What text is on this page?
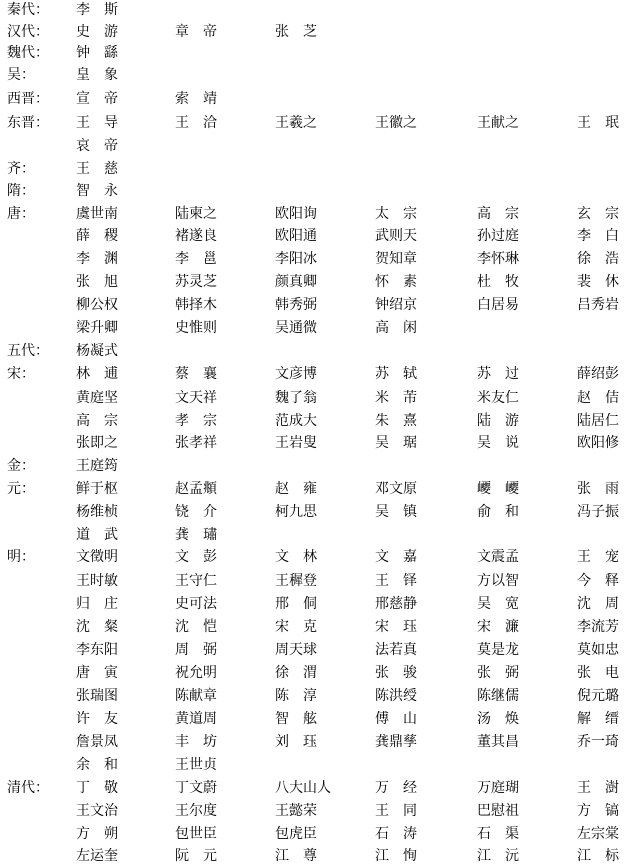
秦代： 李　斯
汉代： 史　游	章　帝	张　芝
魏代： 钟　繇
吴：	皇　象
西晋： 宣　帝	索　靖
东晋： 王　导	王　洽	王羲之	王徽之	王献之	王　珉
哀　帝
齐：	王　慈
隋：	智　永
唐：	虞世南	陆柬之	欧阳询	太　宗	高　宗	玄　宗
薛　稷	褚遂良	欧阳通	武则天	孙过庭	李　白
李　渊	李　邕	李阳冰	贺知章	李怀琳	徐　浩
张　旭	苏灵芝	颜真卿	怀　素	杜　牧	裴　休
柳公权	韩择木	韩秀弼	钟绍京	白居易	吕秀岩
梁升卿	史惟则	吴通微	高　闲
五代： 杨凝式
宋：	林　逋	蔡　襄	文彦博	苏　轼	苏　过	薛绍彭
黄庭坚	文天祥	魏了翁	米　芾	米友仁	赵　佶
高　宗	孝　宗	范成大	朱　熹	陆　游	陆居仁
张即之	张孝祥	王岩叟	吴　琚	吴　说	欧阳修
金：	王庭筠
元：	鲜于枢	赵孟頫	赵　雍	邓文原	巎　巎	张　雨
杨维桢	铙　介	柯九思	吴　镇	俞　和	冯子振
道　武	龚　璛
明：	文徵明	文　彭	文　林	文　嘉	文震孟	王　宠
王时敏	王守仁	王穉登	王　铎	方以智	今　释
归　庄	史可法	邢　侗	邢慈静	吴　宽	沈　周
沈　粲	沈　恺	宋　克	宋　珏	宋　濂	李流芳
李东阳	周　弼	周天球	法若真	莫是龙	莫如忠
唐　寅	祝允明	徐　渭	张　骏	张　弼	张　电
张瑞图	陈献章	陈　淳	陈洪绶	陈继儒	倪元璐
许　友	黄道周	智　舷	傅　山	汤　焕	解　缙
詹景凤	丰　坊	刘　珏	龚鼎孳	董其昌	乔一琦
余　和	王世贞
清代： 丁　敬	丁文蔚	八大山人	万　经	万庭瑚	王　澍
王文治	王尔度	王懿荣	王　同	巴慰祖	方　镐
方　朔	包世臣	包虎臣	石　涛	石　渠	左宗棠
左运奎	阮　元	江　尊	江　恂	江　沅	江　标
